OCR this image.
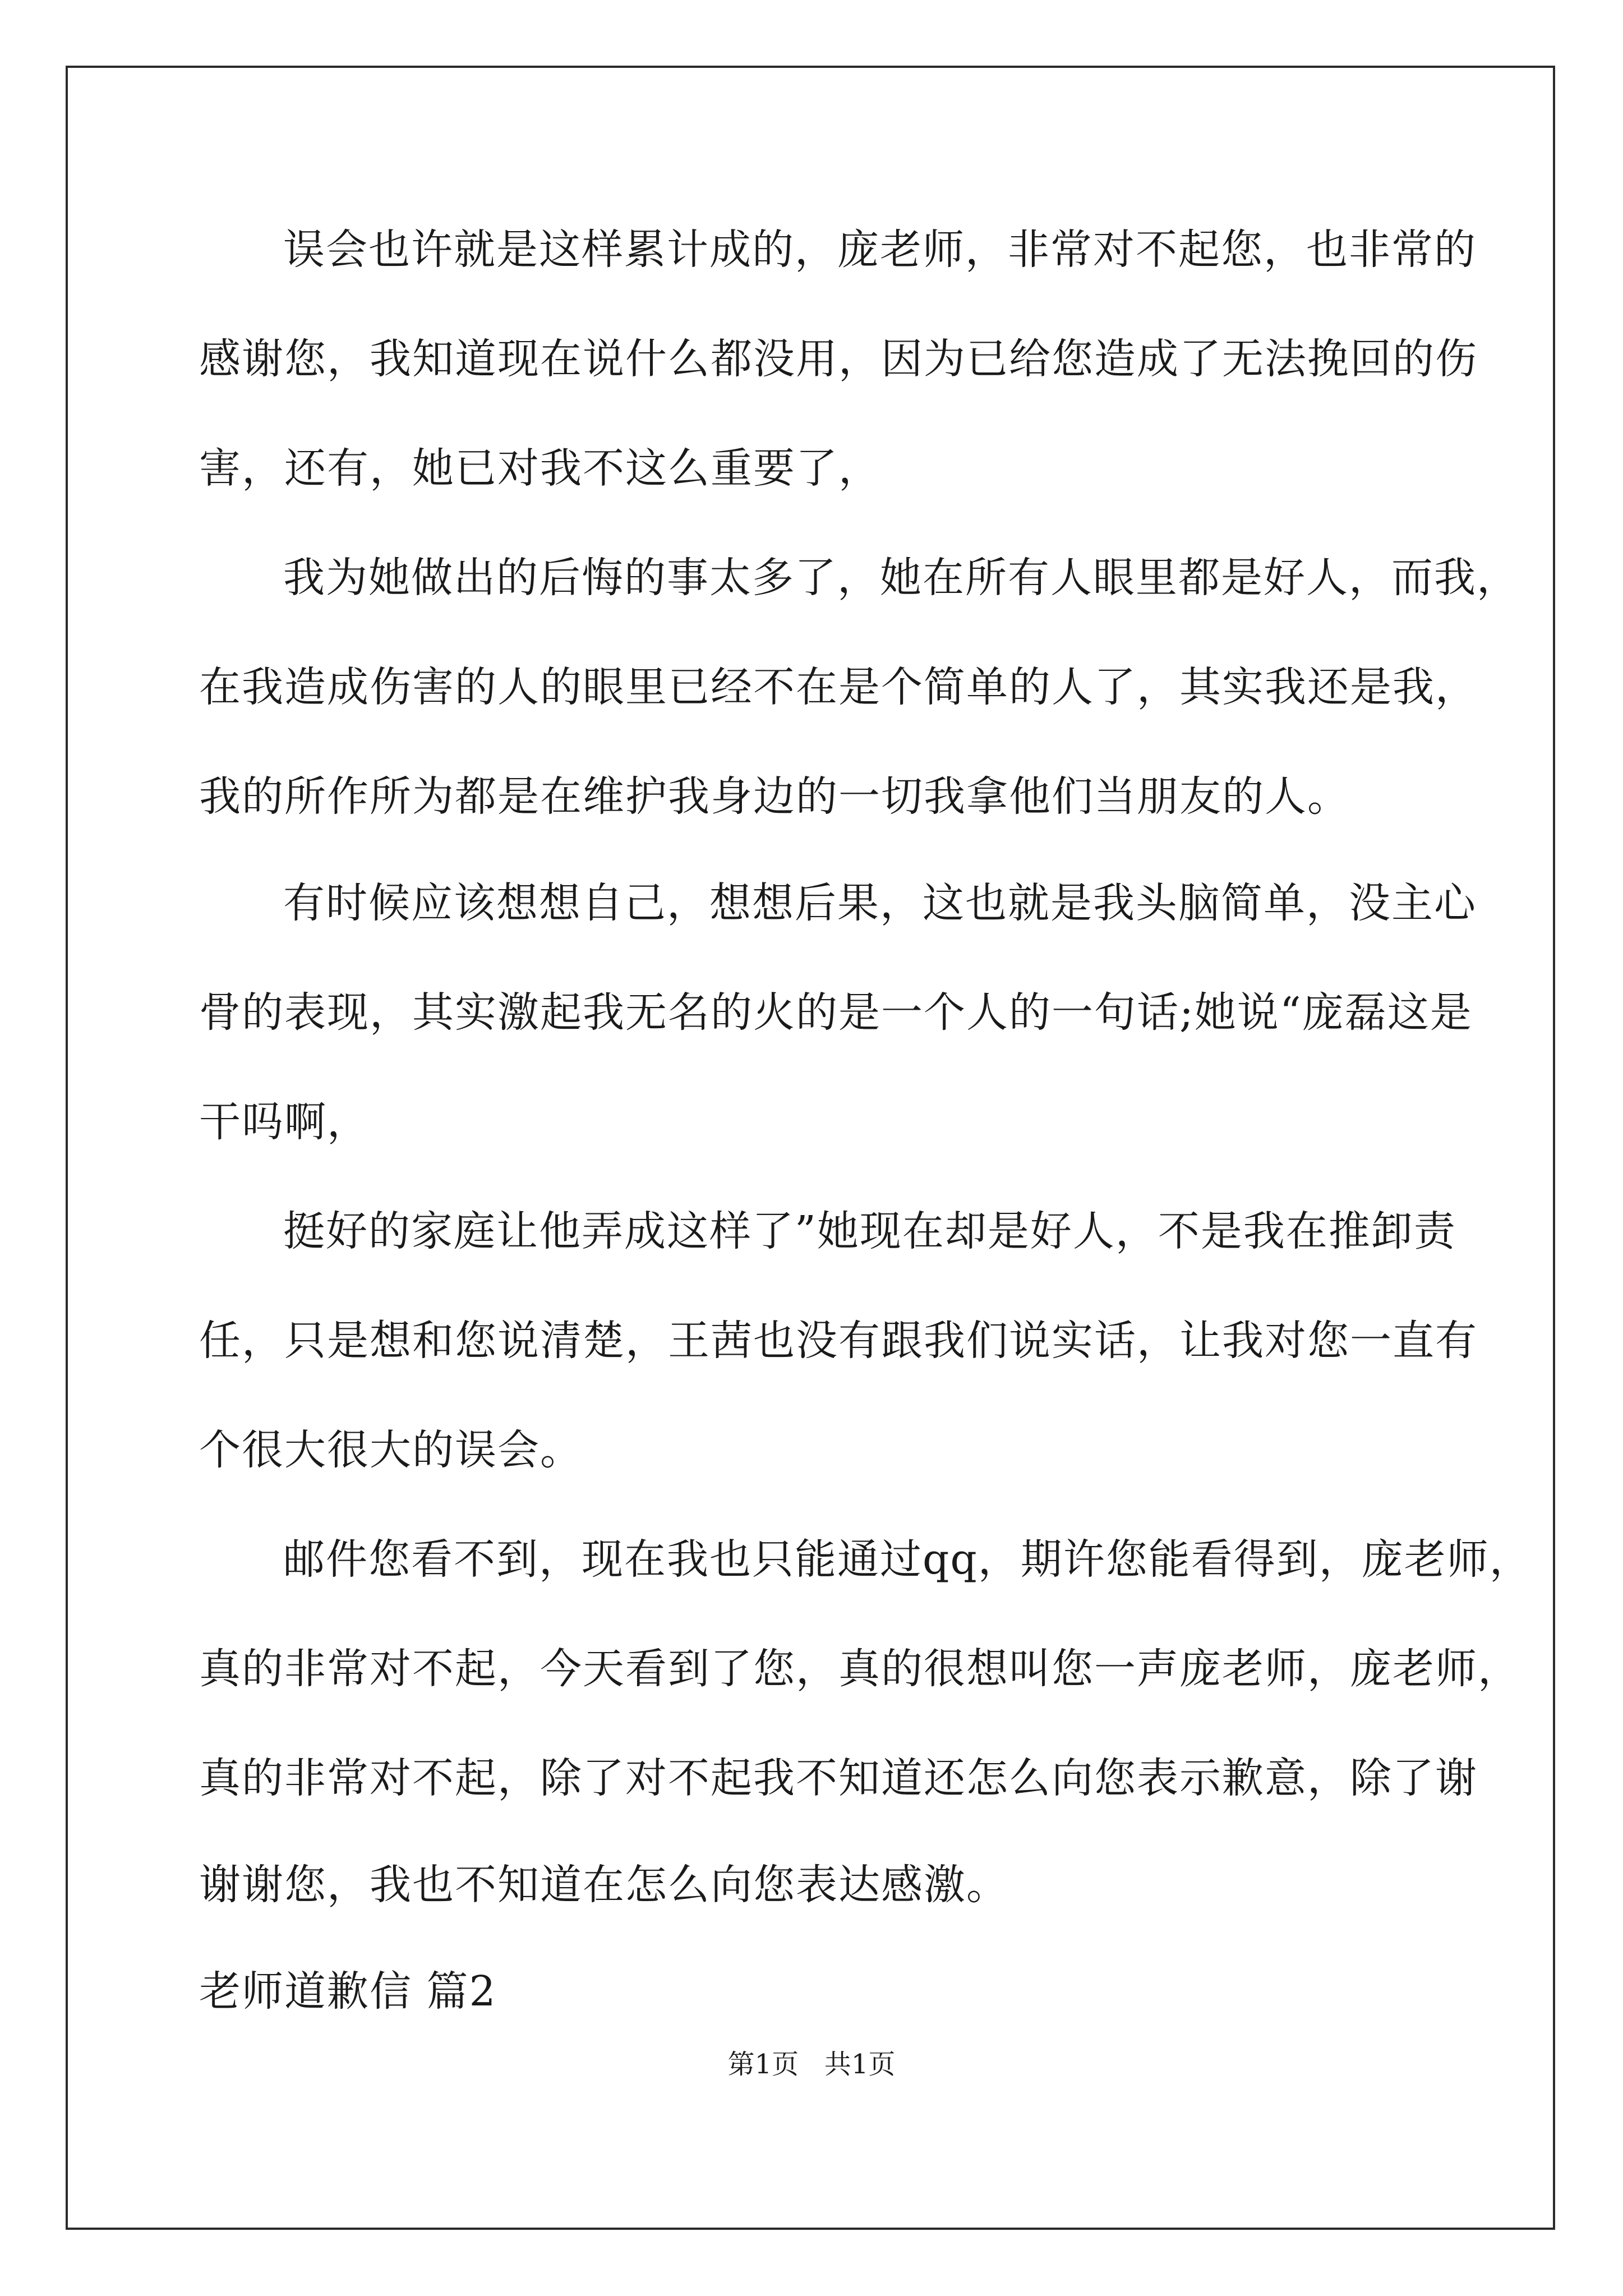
误会也许就是这样累计成的，庞老师，非常对不起您，也非常的
感谢您，我知道现在说什么都没用，因为已给您造成了无法挽回的伤
害，还有，她已对我不这么重要了，
我为她做出的后悔的事太多了，她在所有人眼里都是好人，而我，
在我造成伤害的人的眼里已经不在是个简单的人了，其实我还是我，
我的所作所为都是在维护我身边的一切我拿他们当朋友的人。
有时候应该想想自己，想想后果，这也就是我头脑简单，没主心
骨的表现，其实激起我无名的火的是一个人的一句话;她说“庞磊这是
干吗啊，
挺好的家庭让他弄成这样了”她现在却是好人，不是我在推卸责
任，只是想和您说清楚，王茜也没有跟我们说实话，让我对您一直有
个很大很大的误会。
邮件您看不到，现在我也只能通过qq，期许您能看得到，庞老师，
真的非常对不起，今天看到了您，真的很想叫您一声庞老师，庞老师，
真的非常对不起，除了对不起我不知道还怎么向您表示歉意，除了谢
谢谢您，我也不知道在怎么向您表达感激。
老师道歉信 篇2
第1页   共1页
